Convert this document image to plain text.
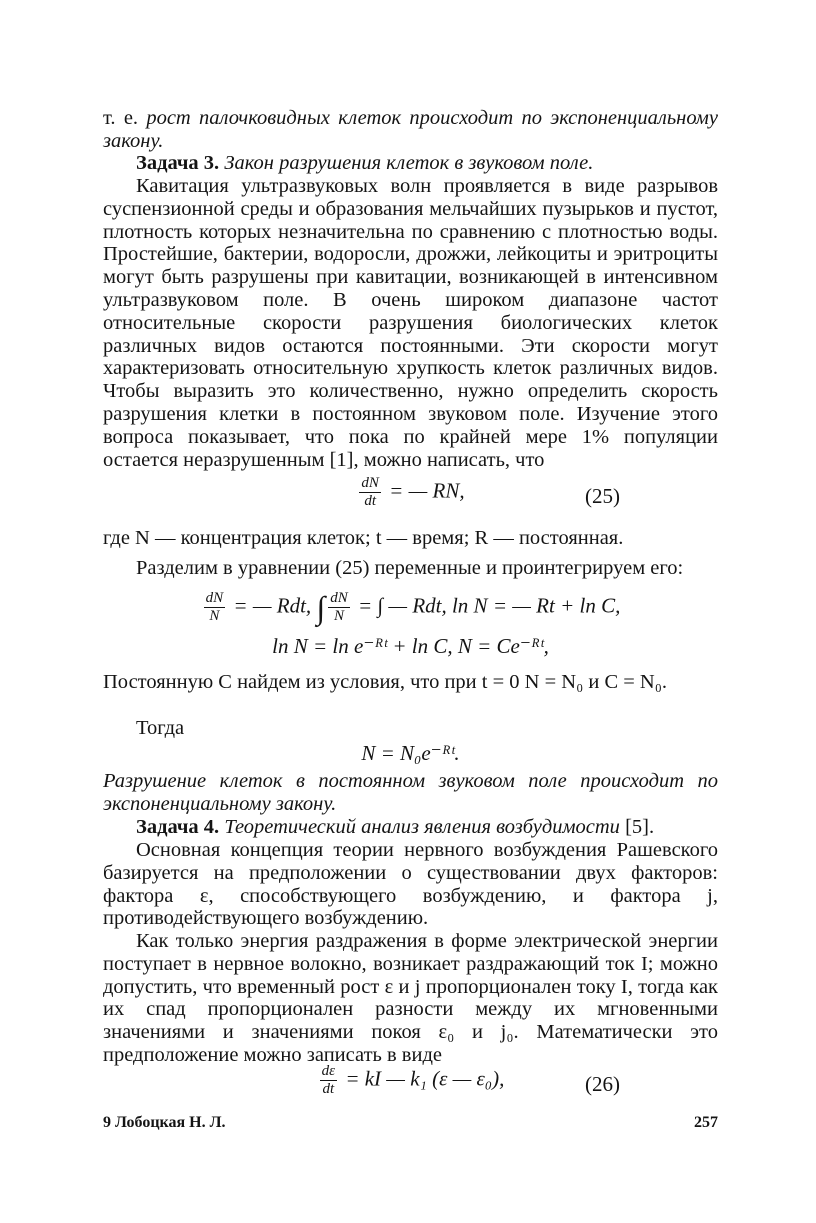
т. е. рост палочковидных клеток происходит по экспоненциальному закону.

Задача 3. Закон разрушения клеток в звуковом поле.

Кавитация ультразвуковых волн проявляется в виде разрывов суспензионной среды и образования мельчайших пузырьков и пустот, плотность которых незначительна по сравнению с плотностью воды. Простейшие, бактерии, водоросли, дрожжи, лейкоциты и эритроциты могут быть разрушены при кавитации, возникающей в интенсивном ультразвуковом поле. В очень широком диапазоне частот относительные скорости разрушения биологических клеток различных видов остаются постоянными. Эти скорости могут характеризовать относительную хрупкость клеток различных видов. Чтобы выразить это количественно, нужно определить скорость разрушения клетки в постоянном звуковом поле. Изучение этого вопроса показывает, что пока по крайней мере 1% популяции остается неразрушенным [1], можно написать, что

$\frac{dN}{dt}$ = — RN,	(25)

где N — концентрация клеток; t — время; R — постоянная.

Разделим в уравнении (25) переменные и проинтегрируем его:

$\frac{dN}{N}$ = — Rdt, ∫ $\frac{dN}{N}$ = ∫ — Rdt, ln N = — Rt + ln C,
ln N = ln e⁻ᴿᵗ + ln C, N = Ce⁻ᴿᵗ,

Постоянную C найдем из условия, что при t = 0 N = N₀ и C = N₀.

Тогда

N = N₀e⁻ᴿᵗ.

Разрушение клеток в постоянном звуковом поле происходит по экспоненциальному закону.

Задача 4. Теоретический анализ явления возбудимости [5].

Основная концепция теории нервного возбуждения Рашевского базируется на предположении о существовании двух факторов: фактора ε, способствующего возбуждению, и фактора j, противодействующего возбуждению.

Как только энергия раздражения в форме электрической энергии поступает в нервное волокно, возникает раздражающий ток I; можно допустить, что временный рост ε и j пропорционален току I, тогда как их спад пропорционален разности между их мгновенными значениями и значениями покоя ε₀ и j₀. Математически это предположение можно записать в виде

$\frac{d\varepsilon}{dt}$ = kI — k₁ (ε — ε₀),	(26)
9 Лобоцкая Н. Л.	257
